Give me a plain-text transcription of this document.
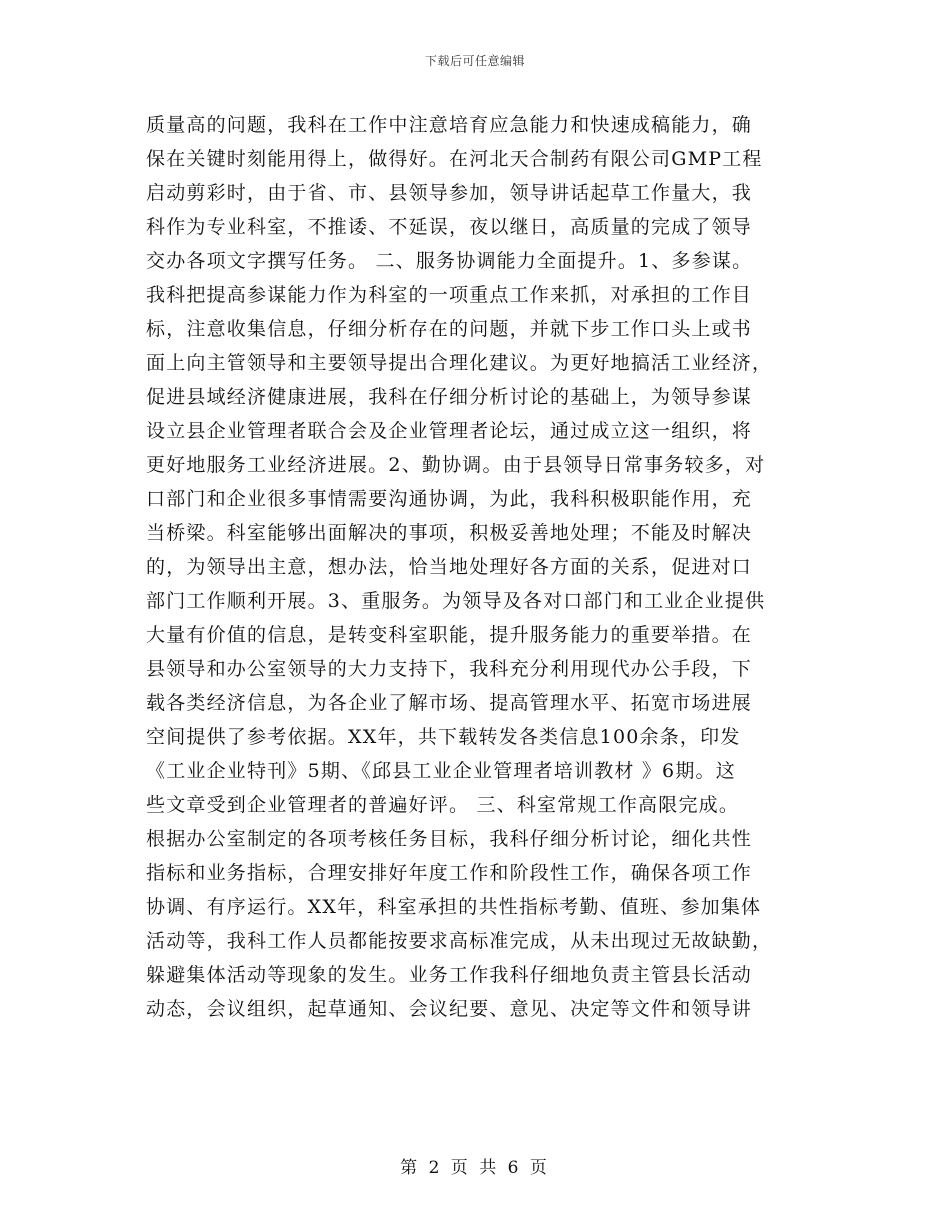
下载后可任意编辑
质量高的问题，我科在工作中注意培育应急能力和快速成稿能力，确
保在关键时刻能用得上，做得好。在河北天合制药有限公司GMP工程
启动剪彩时，由于省、市、县领导参加，领导讲话起草工作量大，我
科作为专业科室，不推诿、不延误，夜以继日，高质量的完成了领导
交办各项文字撰写任务。 二、服务协调能力全面提升。1、多参谋。
我科把提高参谋能力作为科室的一项重点工作来抓，对承担的工作目
标，注意收集信息，仔细分析存在的问题，并就下步工作口头上或书
面上向主管领导和主要领导提出合理化建议。为更好地搞活工业经济，
促进县域经济健康进展，我科在仔细分析讨论的基础上，为领导参谋
设立县企业管理者联合会及企业管理者论坛，通过成立这一组织，将
更好地服务工业经济进展。2、勤协调。由于县领导日常事务较多，对
口部门和企业很多事情需要沟通协调，为此，我科积极职能作用，充
当桥梁。科室能够出面解决的事项，积极妥善地处理；不能及时解决
的，为领导出主意，想办法，恰当地处理好各方面的关系，促进对口
部门工作顺利开展。3、重服务。为领导及各对口部门和工业企业提供
大量有价值的信息，是转变科室职能，提升服务能力的重要举措。在
县领导和办公室领导的大力支持下，我科充分利用现代办公手段，下
载各类经济信息，为各企业了解市场、提高管理水平、拓宽市场进展
空间提供了参考依据。XX年，共下载转发各类信息100余条，印发
《工业企业特刊》5期、《邱县工业企业管理者培训教材 》6期。这
些文章受到企业管理者的普遍好评。 三、科室常规工作高限完成。
根据办公室制定的各项考核任务目标，我科仔细分析讨论，细化共性
指标和业务指标，合理安排好年度工作和阶段性工作，确保各项工作
协调、有序运行。XX年，科室承担的共性指标考勤、值班、参加集体
活动等，我科工作人员都能按要求高标准完成，从未出现过无故缺勤，
躲避集体活动等现象的发生。业务工作我科仔细地负责主管县长活动
动态，会议组织，起草通知、会议纪要、意见、决定等文件和领导讲
第 2 页 共 6 页
